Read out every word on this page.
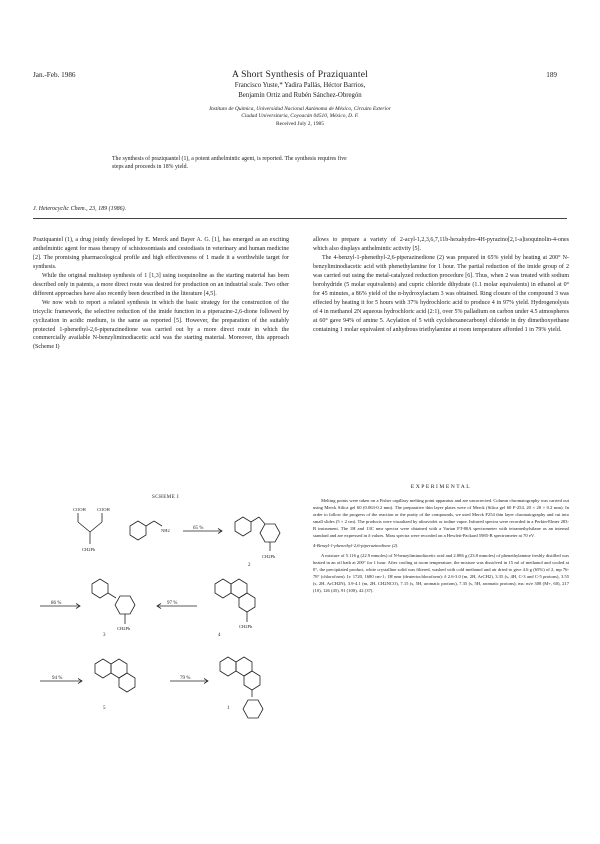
Jan.-Feb. 1986	189
A Short Synthesis of Praziquantel
Francisco Yuste,* Yadira Pallás, Héctor Barrios,
Benjamín Ortiz and Rubén Sánchez-Obregón
Instituto de Química, Universidad Nacional Autónoma de México, Circuito Exterior
Ciudad Universitaria, Coyoacán 04510, México, D. F.
Received July 2, 1985
The synthesis of praziquantel (1), a potent anthelmintic agent, is reported. The synthesis requires five
steps and proceeds in 18% yield.
J. Heterocyclic Chem., 23, 189 (1986).

Praziquantel (1), a drug jointly developed by E. Merck and Bayer A. G. [1], has emerged as an exciting anthelmintic agent for mass therapy of schistosomiasis and cestodiasis in veterinary and human medicine [2]. The promising pharmacological profile and high effectiveness of 1 made it a worthwhile target for synthesis.

While the original multistep synthesis of 1 [1,3] using isoquinoline as the starting material has been described only in patents, a more direct route was desired for production on an industrial scale. Two other different approaches have also recently been described in the literature [4,5].

We now wish to report a related synthesis in which the basic strategy for the construction of the tricyclic framework, the selective reduction of the imide function in a piperazine-2,6-dione followed by cyclization in acidic medium, is the same as reported [5]. However, the preparation of the suitably protected 1-phenethyl-2,6-piperazinedione was carried out by a more direct route in which the commercially available N-benzyliminodiacetic acid was the starting material. Moreover, this approach (Scheme I)

allows to prepare a variety of 2-acyl-1,2,3,6,7,11b-hexahydro-4H-pyrazino[2,1-a]isoquinolin-4-ones which also displays anthelmintic activity [5].

The 4-benzyl-1-phenethyl-2,6-piperazinedione (2) was prepared in 65% yield by heating at 200° N-benzyliminodiacetic acid with phenethylamine for 1 hour. The partial reduction of the imide group of 2 was carried out using the metal-catalyzed reduction procedure [6]. Thus, when 2 was treated with sodium borohydride (5 molar equivalents) and cupric chloride dihydrate (1.1 molar equivalents) in ethanol at 0° for 45 minutes, a 86% yield of the α-hydroxylactam 3 was obtained. Ring closure of the compound 3 was effected by heating it for 5 hours with 37% hydrochloric acid to produce 4 in 97% yield. Hydrogenolysis of 4 in methanol 2N aqueous hydrochloric acid (2:1), over 5% palladium on carbon under 4.5 atmospheres at 60° gave 94% of amine 5. Acylation of 5 with cyclohexanecarbonyl chloride in dry dimethoxyethane containing 1 molar equivalent of anhydrous triethylamine at room temperature afforded 1 in 79% yield.

EXPERIMENTAL

Melting points were taken on a Fisher capillary melting point apparatus and are uncorrected. Column chromatography was carried out using Merck Silica gel 60 (0.063-0.2 mm). The preparative thin layer plates were of Merck (Silica gel 60 F-254, 20 × 20 × 0.2 mm). In order to follow the progress of the reaction or the purity of the compounds, we used Merck F254 thin layer chromatography and cut into small slides (5 × 2 cm). The products were visualized by ultraviolet or iodine vapor. Infrared spectra were recorded in a Perkin-Elmer 283-B instrument. The 1H and 13C nmr spectra were obtained with a Varian FT-80A spectrometer with tetramethylsilane as an internal standard and are expressed in δ values. Mass spectra were recorded on a Hewlett-Packard 5985-B spectrometer at 70 eV.

4-Benzyl-1-phenethyl-2,6-piperazinedione (2).

A mixture of 5.116 g (22.9 mmoles) of N-benzyliminodiacetic acid and 2.886 g (23.8 mmoles) of phenethylamine freshly distilled was heated in an oil bath at 200° for 1 hour. After cooling at room temperature, the mixture was dissolved in 15 ml of methanol and cooled at 0°, the precipitated product, white crystalline solid was filtered, washed with cold methanol and air dried to give 4.6 g (65%) of 2, mp 76-78° (chloroform). Ir: 1720, 1680 cm-1; 1H nmr (deuteriochloroform): δ 2.6-3.0 (m, 2H, ArCH2), 3.35 (s, 4H, C-3 and C-5 protons), 3.55 (s, 2H, ArCH2N), 3.9-4.1 (m, 2H, CH2NCO), 7.15 (s, 5H, aromatic protons), 7.35 (s, 5H, aromatic protons); ms: m/e 308 (M+, 60), 217 (10), 126 (45), 91 (100), 42 (37).

SCHEME I
COOH COOH
CH2Ph
NH2
CH2Ph
CH2Ph	CH2Ph
65 %
86 %	97 %
94 %	79 %
2
3	4
5	1
